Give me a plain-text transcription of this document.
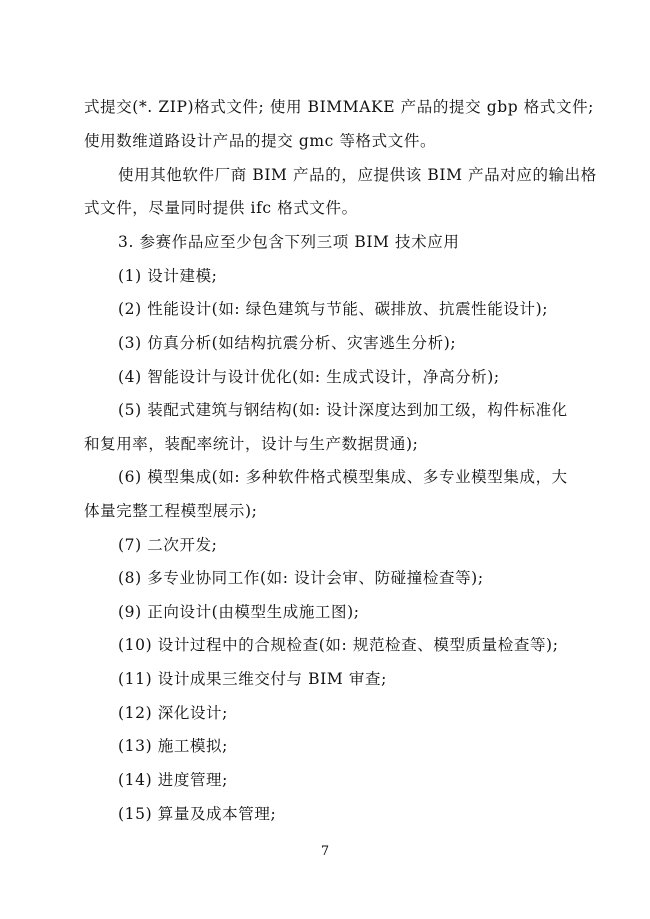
式提交(*. ZIP)格式文件; 使用 BIMMAKE 产品的提交 gbp 格式文件;
使用数维道路设计产品的提交 gmc 等格式文件。
使用其他软件厂商 BIM 产品的，应提供该 BIM 产品对应的输出格
式文件，尽量同时提供 ifc 格式文件。
3. 参赛作品应至少包含下列三项 BIM 技术应用
(1) 设计建模;
(2) 性能设计(如: 绿色建筑与节能、碳排放、抗震性能设计);
(3) 仿真分析(如结构抗震分析、灾害逃生分析);
(4) 智能设计与设计优化(如: 生成式设计，净高分析);
(5) 装配式建筑与钢结构(如: 设计深度达到加工级，构件标准化
和复用率，装配率统计，设计与生产数据贯通);
(6) 模型集成(如: 多种软件格式模型集成、多专业模型集成，大
体量完整工程模型展示);
(7) 二次开发;
(8) 多专业协同工作(如: 设计会审、防碰撞检查等);
(9) 正向设计(由模型生成施工图);
(10) 设计过程中的合规检查(如: 规范检查、模型质量检查等);
(11) 设计成果三维交付与 BIM 审查;
(12) 深化设计;
(13) 施工模拟;
(14) 进度管理;
(15) 算量及成本管理;
7
